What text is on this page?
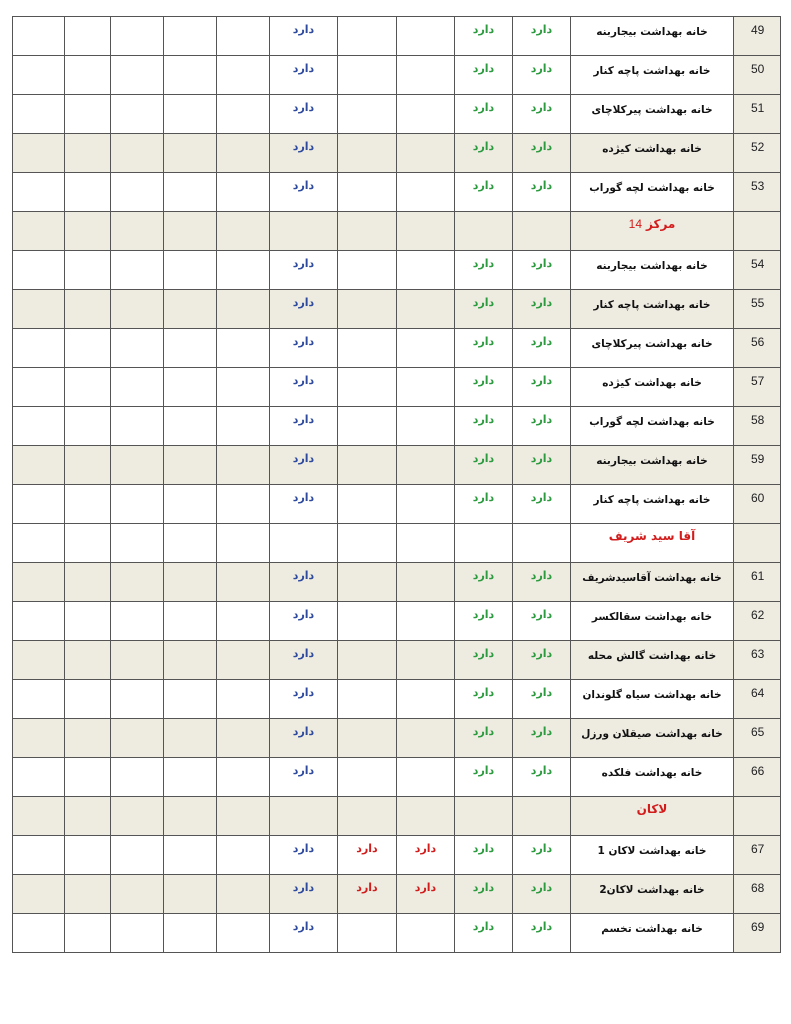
					دارد			دارد	دارد	خانه بهداشت بیجاربنه	49
					دارد			دارد	دارد	خانه بهداشت پاچه کنار	50
					دارد			دارد	دارد	خانه بهداشت پیرکلاچای	51
					دارد			دارد	دارد	خانه بهداشت کیژده	52
					دارد			دارد	دارد	خانه بهداشت لچه گوراب	53
										مرکز14	
					دارد			دارد	دارد	خانه بهداشت بیجاربنه	54
					دارد			دارد	دارد	خانه بهداشت پاچه کنار	55
					دارد			دارد	دارد	خانه بهداشت پیرکلاچای	56
					دارد			دارد	دارد	خانه بهداشت کیژده	57
					دارد			دارد	دارد	خانه بهداشت لچه گوراب	58
					دارد			دارد	دارد	خانه بهداشت بیجاربنه	59
					دارد			دارد	دارد	خانه بهداشت پاچه کنار	60
										آقا سید شریف	
					دارد			دارد	دارد	خانه بهداشت آقاسیدشریف	61
					دارد			دارد	دارد	خانه بهداشت سقالکسر	62
					دارد			دارد	دارد	خانه بهداشت گالش محله	63
					دارد			دارد	دارد	خانه بهداشت سیاه گلوندان	64
					دارد			دارد	دارد	خانه بهداشت صیقلان ورزل	65
					دارد			دارد	دارد	خانه بهداشت فلکده	66
										لاکان	
					دارد	دارد	دارد	دارد	دارد	خانه بهداشت لاکان 1	67
					دارد	دارد	دارد	دارد	دارد	خانه بهداشت لاکان2	68
					دارد			دارد	دارد	خانه بهداشت تخسم	69
